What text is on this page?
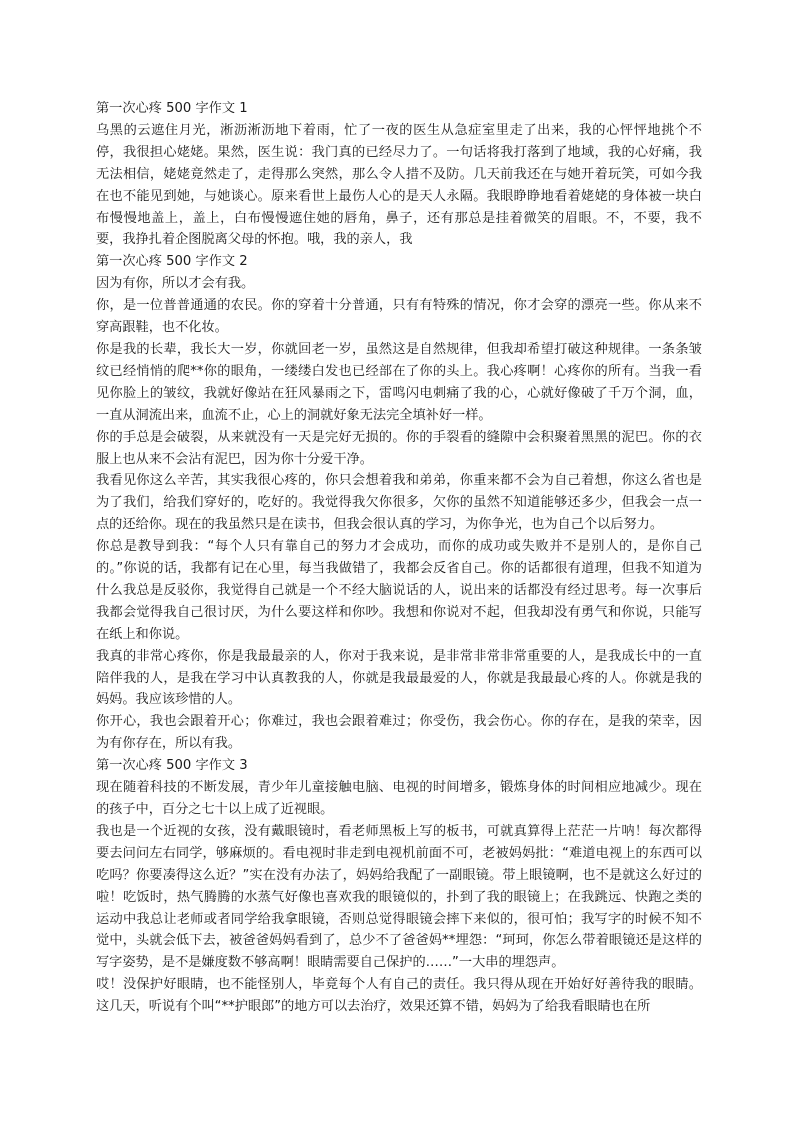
第一次心疼 500 字作文 1

乌黑的云遮住月光，淅沥淅沥地下着雨，忙了一夜的医生从急症室里走了出来，我的心怦怦地挑个不停，我很担心姥姥。果然，医生说：我门真的已经尽力了。一句话将我打落到了地域，我的心好痛，我无法相信，姥姥竟然走了，走得那么突然，那么令人措不及防。几天前我还在与她开着玩笑，可如今我在也不能见到她，与她谈心。原来看世上最伤人心的是天人永隔。我眼睁睁地看着姥姥的身体被一块白布慢慢地盖上，盖上，白布慢慢遮住她的唇角，鼻子，还有那总是挂着微笑的眉眼。不，不要，我不要，我挣扎着企图脱离父母的怀抱。哦，我的亲人，我

第一次心疼 500 字作文 2

因为有你，所以才会有我。

你，是一位普普通通的农民。你的穿着十分普通，只有有特殊的情况，你才会穿的漂亮一些。你从来不穿高跟鞋，也不化妆。

你是我的长辈，我长大一岁，你就回老一岁，虽然这是自然规律，但我却希望打破这种规律。一条条皱纹已经悄悄的爬**你的眼角，一缕缕白发也已经部在了你的头上。我心疼啊！心疼你的所有。当我一看见你脸上的皱纹，我就好像站在狂风暴雨之下，雷鸣闪电刺痛了我的心，心就好像破了千万个洞，血，一直从洞流出来，血流不止，心上的洞就好象无法完全填补好一样。

你的手总是会破裂，从来就没有一天是完好无损的。你的手裂看的缝隙中会积聚着黑黑的泥巴。你的衣服上也从来不会沾有泥巴，因为你十分爱干净。

我看见你这么辛苦，其实我很心疼的，你只会想着我和弟弟，你重来都不会为自己着想，你这么省也是为了我们，给我们穿好的，吃好的。我觉得我欠你很多，欠你的虽然不知道能够还多少，但我会一点一点的还给你。现在的我虽然只是在读书，但我会很认真的学习，为你争光，也为自己个以后努力。

你总是教导到我：“每个人只有靠自己的努力才会成功，而你的成功或失败并不是别人的，是你自己的。”你说的话，我都有记在心里，每当我做错了，我都会反省自己。你的话都很有道理，但我不知道为什么我总是反驳你，我觉得自己就是一个不经大脑说话的人，说出来的话都没有经过思考。每一次事后我都会觉得我自己很讨厌，为什么要这样和你吵。我想和你说对不起，但我却没有勇气和你说，只能写在纸上和你说。

我真的非常心疼你，你是我最最亲的人，你对于我来说，是非常非常非常重要的人，是我成长中的一直陪伴我的人，是我在学习中认真教我的人，你就是我最最爱的人，你就是我最最心疼的人。你就是我的妈妈。我应该珍惜的人。

你开心，我也会跟着开心；你难过，我也会跟着难过；你受伤，我会伤心。你的存在，是我的荣幸，因为有你存在，所以有我。

第一次心疼 500 字作文 3

现在随着科技的不断发展，青少年儿童接触电脑、电视的时间增多，锻炼身体的时间相应地减少。现在的孩子中，百分之七十以上成了近视眼。

我也是一个近视的女孩，没有戴眼镜时，看老师黑板上写的板书，可就真算得上茫茫一片呐！每次都得要去问问左右同学，够麻烦的。看电视时非走到电视机前面不可，老被妈妈批：“难道电视上的东西可以吃吗？你要凑得这么近？”实在没有办法了，妈妈给我配了一副眼镜。带上眼镜啊，也不是就这么好过的啦！吃饭时，热气腾腾的水蒸气好像也喜欢我的眼镜似的，扑到了我的眼镜上；在我跳远、快跑之类的运动中我总让老师或者同学给我拿眼镜，否则总觉得眼镜会摔下来似的，很可怕；我写字的时候不知不觉中，头就会低下去，被爸爸妈妈看到了，总少不了爸爸妈**埋怨：“珂珂，你怎么带着眼镜还是这样的写字姿势，是不是嫌度数不够高啊！眼睛需要自己保护的……”一大串的埋怨声。

哎！没保护好眼睛，也不能怪别人，毕竟每个人有自己的责任。我只得从现在开始好好善待我的眼睛。这几天，听说有个叫“**护眼郎”的地方可以去治疗，效果还算不错，妈妈为了给我看眼睛也在所
